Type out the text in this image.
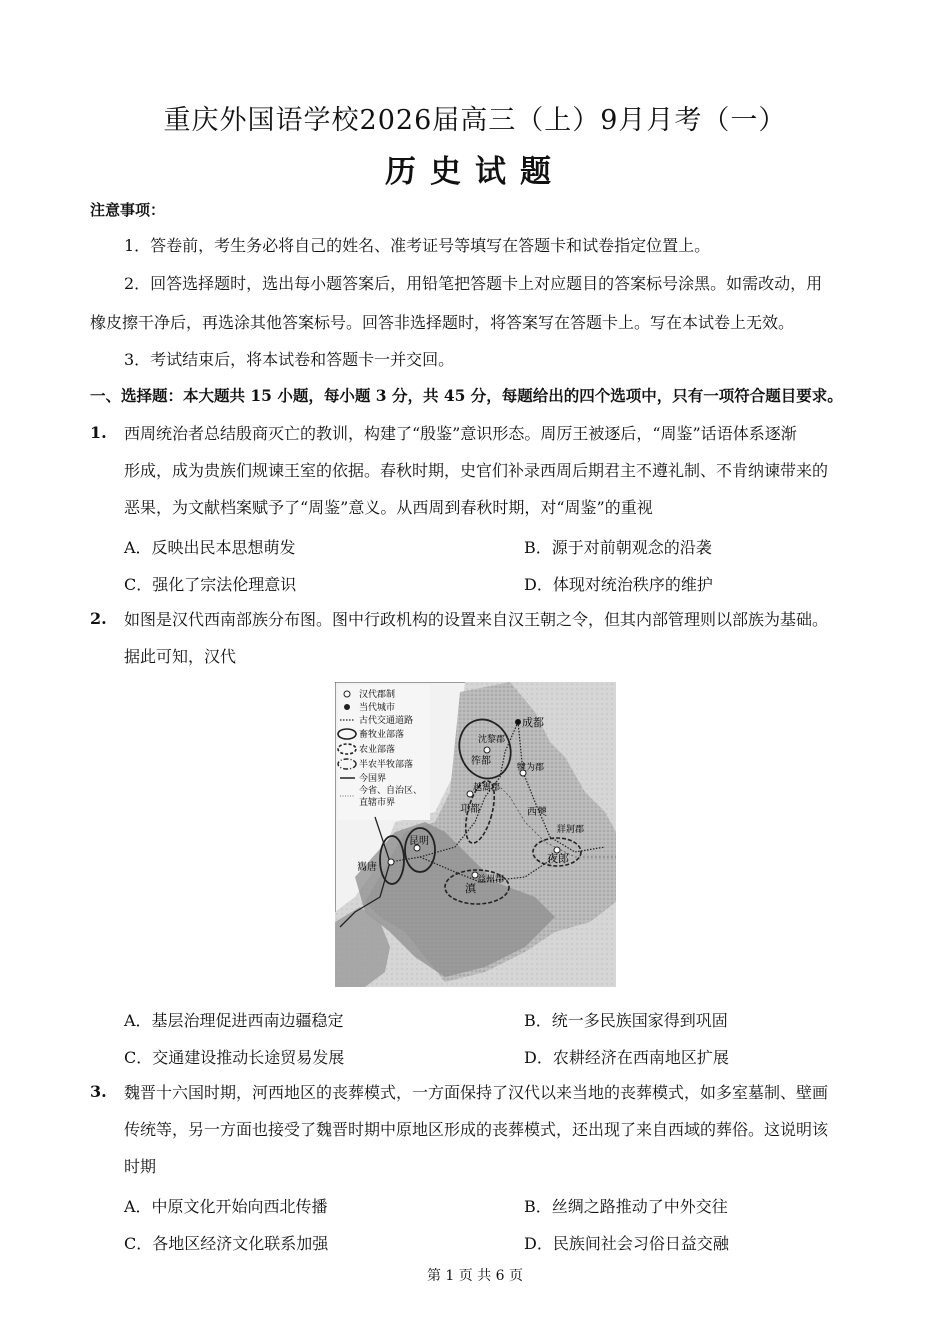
重庆外国语学校2026届高三（上）9月月考（一）
历史试题
注意事项：
1．答卷前，考生务必将自己的姓名、准考证号等填写在答题卡和试卷指定位置上。
2．回答选择题时，选出每小题答案后，用铅笔把答题卡上对应题目的答案标号涂黑。如需改动，用
橡皮擦干净后，再选涂其他答案标号。回答非选择题时，将答案写在答题卡上。写在本试卷上无效。
3．考试结束后，将本试卷和答题卡一并交回。
一、选择题：本大题共 15 小题，每小题 3 分，共 45 分，每题给出的四个选项中，只有一项符合题目要求。
1. 西周统治者总结殷商灭亡的教训，构建了“殷鉴”意识形态。周厉王被逐后，“周鉴”话语体系逐渐
形成，成为贵族们规谏王室的依据。春秋时期，史官们补录西周后期君主不遵礼制、不肯纳谏带来的
恶果，为文献档案赋予了“周鉴”意义。从西周到春秋时期，对“周鉴”的重视
A．反映出民本思想萌发	B．源于对前朝观念的沿袭
C．强化了宗法伦理意识	D．体现对统治秩序的维护
2. 如图是汉代西南部族分布图。图中行政机构的设置来自汉王朝之令，但其内部管理则以部族为基础。
据此可知，汉代
汉代郡制
当代城市
古代交通道路
畜牧业部落
农业部落
半农半牧部落
今国界
今省、自治区、
直辖市界
成都
沈黎郡
筰都
犍为郡
越巂郡
邛都	西僰
牂牁郡
夜郎
昆明
巂唐
益州郡
滇
A．基层治理促进西南边疆稳定	B．统一多民族国家得到巩固
C．交通建设推动长途贸易发展	D．农耕经济在西南地区扩展
3. 魏晋十六国时期，河西地区的丧葬模式，一方面保持了汉代以来当地的丧葬模式，如多室墓制、壁画
传统等，另一方面也接受了魏晋时期中原地区形成的丧葬模式，还出现了来自西域的葬俗。这说明该
时期
A．中原文化开始向西北传播	B．丝绸之路推动了中外交往
C．各地区经济文化联系加强	D．民族间社会习俗日益交融
第 1 页 共 6 页
